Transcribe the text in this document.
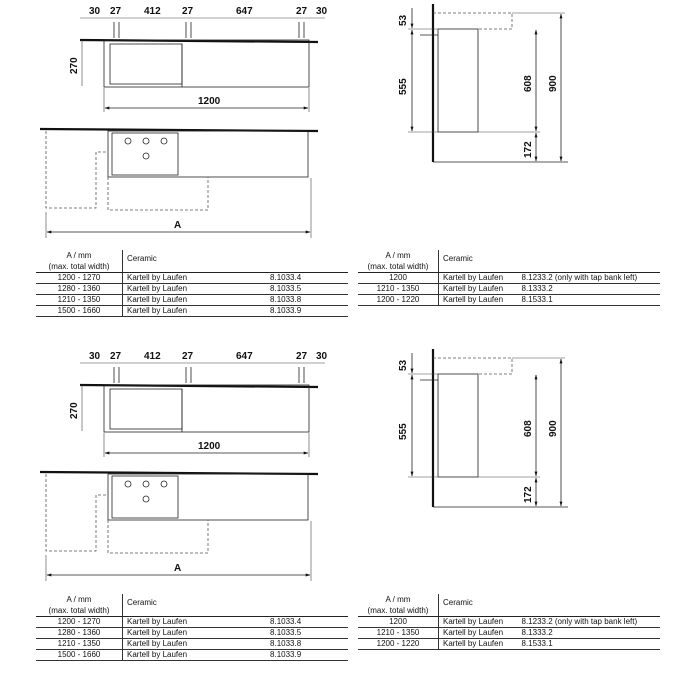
30 27 412 27	647	27 30
270
1200
A
53
555	608
172
900
30 27 412 27	647	27 30
270
1200
A
53
555	608
172
900
A / mm
(max. total width)	Ceramic	
1200 - 1270	Kartell by Laufen	8.1033.4
1280 - 1360	Kartell by Laufen	8.1033.5
1210 - 1350	Kartell by Laufen	8.1033.8
1500 - 1660	Kartell by Laufen	8.1033.9
A / mm
(max. total width)	Ceramic	
1200	Kartell by Laufen	8.1233.2 (only with tap bank left)
1210 - 1350	Kartell by Laufen	8.1333.2
1200 - 1220	Kartell by Laufen	8.1533.1
A / mm
(max. total width)	Ceramic	
1200 - 1270	Kartell by Laufen	8.1033.4
1280 - 1360	Kartell by Laufen	8.1033.5
1210 - 1350	Kartell by Laufen	8.1033.8
1500 - 1660	Kartell by Laufen	8.1033.9
A / mm
(max. total width)	Ceramic	
1200	Kartell by Laufen	8.1233.2 (only with tap bank left)
1210 - 1350	Kartell by Laufen	8.1333.2
1200 - 1220	Kartell by Laufen	8.1533.1
